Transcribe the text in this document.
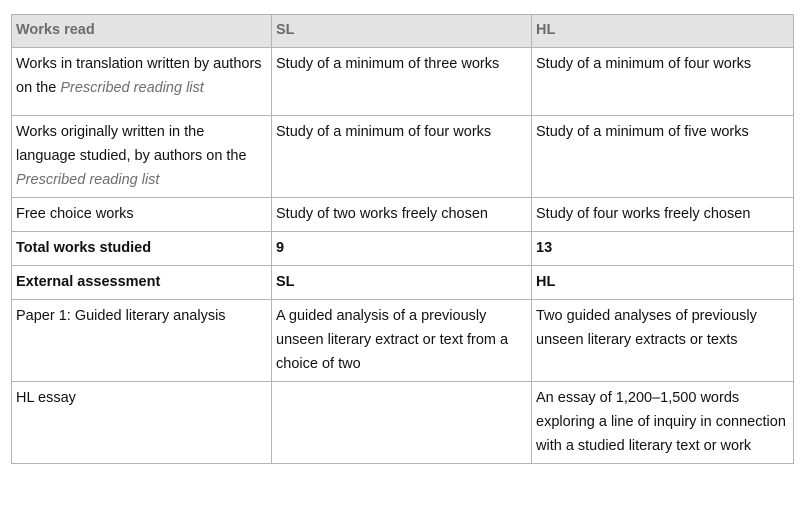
Works read	SL	HL
Works in translation written by authors on the Prescribed reading list	Study of a minimum of three works	Study of a minimum of four works
Works originally written in the language studied, by authors on the Prescribed reading list	Study of a minimum of four works	Study of a minimum of five works
Free choice works	Study of two works freely chosen	Study of four works freely chosen
Total works studied	9	13
External assessment	SL	HL
Paper 1: Guided literary analysis	A guided analysis of a previously unseen literary extract or text from a choice of two	Two guided analyses of previously unseen literary extracts or texts
HL essay		An essay of 1,200–1,500 words exploring a line of inquiry in connection with a studied literary text or work
